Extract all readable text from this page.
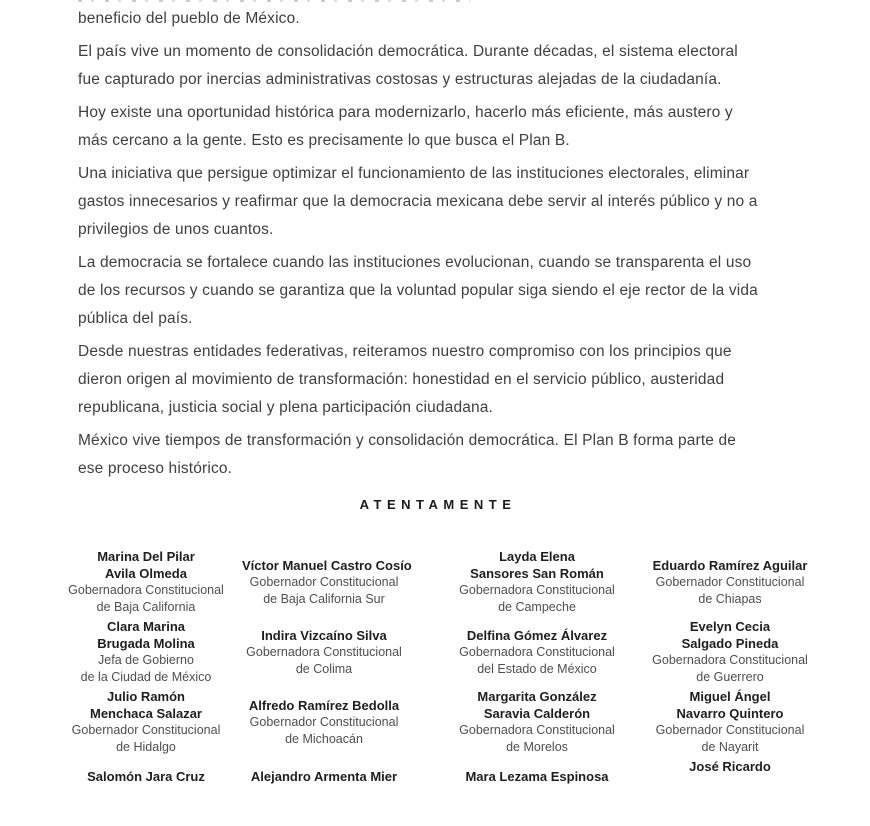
beneficio del pueblo de México.
El país vive un momento de consolidación democrática. Durante décadas, el sistema electoral
fue capturado por inercias administrativas costosas y estructuras alejadas de la ciudadanía.
Hoy existe una oportunidad histórica para modernizarlo, hacerlo más eficiente, más austero y
más cercano a la gente. Esto es precisamente lo que busca el Plan B.
Una iniciativa que persigue optimizar el funcionamiento de las instituciones electorales, eliminar
gastos innecesarios y reafirmar que la democracia mexicana debe servir al interés público y no a
privilegios de unos cuantos.
La democracia se fortalece cuando las instituciones evolucionan, cuando se transparenta el uso
de los recursos y cuando se garantiza que la voluntad popular siga siendo el eje rector de la vida
pública del país.
Desde nuestras entidades federativas, reiteramos nuestro compromiso con los principios que
dieron origen al movimiento de transformación: honestidad en el servicio público, austeridad
republicana, justicia social y plena participación ciudadana.
México vive tiempos de transformación y consolidación democrática. El Plan B forma parte de
ese proceso histórico.
ATENTAMENTE
Marina Del Pilar
Avila Olmeda
Gobernadora Constitucional
de Baja California
Víctor Manuel Castro Cosío
Gobernador Constitucional
de Baja California Sur
Layda Elena
Sansores San Román
Gobernadora Constitucional
de Campeche
Eduardo Ramírez Aguilar
Gobernador Constitucional
de Chiapas
Clara Marina
Brugada Molina
Jefa de Gobierno
de la Ciudad de México
Indira Vizcaíno Silva
Gobernadora Constitucional
de Colima
Delfina Gómez Álvarez
Gobernadora Constitucional
del Estado de México
Evelyn Cecia
Salgado Pineda
Gobernadora Constitucional
de Guerrero
Julio Ramón
Menchaca Salazar
Gobernador Constitucional
de Hidalgo
Alfredo Ramírez Bedolla
Gobernador Constitucional
de Michoacán
Margarita González
Saravia Calderón
Gobernadora Constitucional
de Morelos
Miguel Ángel
Navarro Quintero
Gobernador Constitucional
de Nayarit
Salomón Jara Cruz	Alejandro Armenta Mier	Mara Lezama Espinosa
José Ricardo
